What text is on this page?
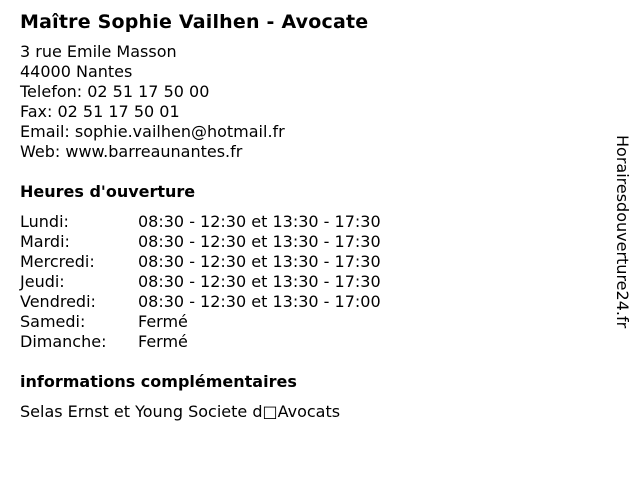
Maître Sophie Vailhen - Avocate
3 rue Emile Masson
44000 Nantes
Telefon: 02 51 17 50 00
Fax: 02 51 17 50 01
Email: sophie.vailhen@hotmail.fr
Web: www.barreaunantes.fr
Heures d'ouverture
Lundi:	08:30 - 12:30 et 13:30 - 17:30
Mardi:	08:30 - 12:30 et 13:30 - 17:30
Mercredi:	08:30 - 12:30 et 13:30 - 17:30
Jeudi:	08:30 - 12:30 et 13:30 - 17:30
Vendredi:	08:30 - 12:30 et 13:30 - 17:00
Samedi:	Fermé
Dimanche:	Fermé
informations complémentaires
Selas Ernst et Young Societe d□Avocats
Horairesdouverture24.fr
